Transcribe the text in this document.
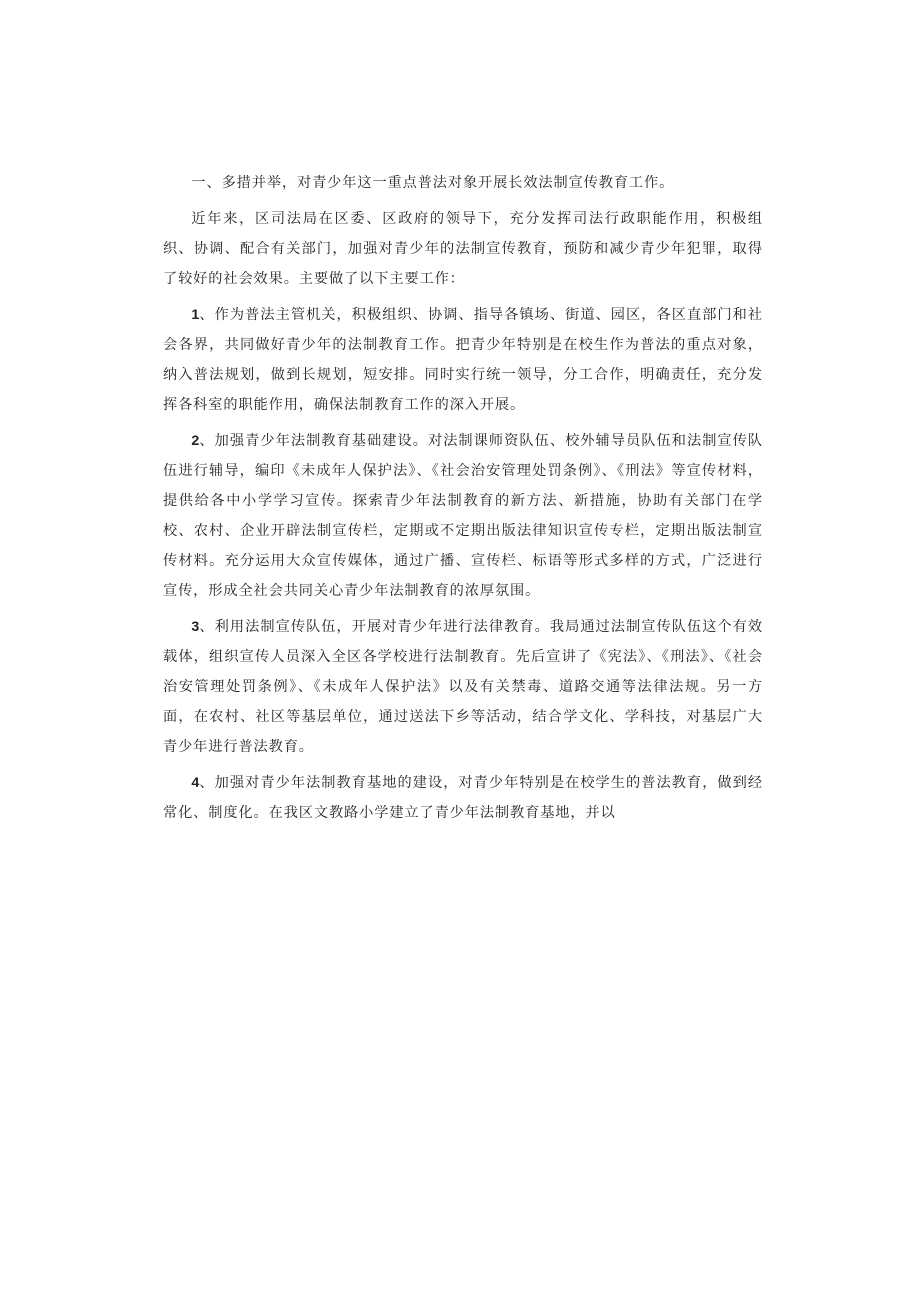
一、多措并举，对青少年这一重点普法对象开展长效法制宣传教育工作。

近年来，区司法局在区委、区政府的领导下，充分发挥司法行政职能作用，积极组织、协调、配合有关部门，加强对青少年的法制宣传教育，预防和减少青少年犯罪，取得了较好的社会效果。主要做了以下主要工作：

1、作为普法主管机关，积极组织、协调、指导各镇场、街道、园区，各区直部门和社会各界，共同做好青少年的法制教育工作。把青少年特别是在校生作为普法的重点对象，纳入普法规划，做到长规划，短安排。同时实行统一领导，分工合作，明确责任，充分发挥各科室的职能作用，确保法制教育工作的深入开展。

2、加强青少年法制教育基础建设。对法制课师资队伍、校外辅导员队伍和法制宣传队伍进行辅导，编印《未成年人保护法》、《社会治安管理处罚条例》、《刑法》等宣传材料，提供给各中小学学习宣传。探索青少年法制教育的新方法、新措施，协助有关部门在学校、农村、企业开辟法制宣传栏，定期或不定期出版法律知识宣传专栏，定期出版法制宣传材料。充分运用大众宣传媒体，通过广播、宣传栏、标语等形式多样的方式，广泛进行宣传，形成全社会共同关心青少年法制教育的浓厚氛围。

3、利用法制宣传队伍，开展对青少年进行法律教育。我局通过法制宣传队伍这个有效载体，组织宣传人员深入全区各学校进行法制教育。先后宣讲了《宪法》、《刑法》、《社会治安管理处罚条例》、《未成年人保护法》以及有关禁毒、道路交通等法律法规。另一方面，在农村、社区等基层单位，通过送法下乡等活动，结合学文化、学科技，对基层广大青少年进行普法教育。

4、加强对青少年法制教育基地的建设，对青少年特别是在校学生的普法教育，做到经常化、制度化。在我区文教路小学建立了青少年法制教育基地，并以
